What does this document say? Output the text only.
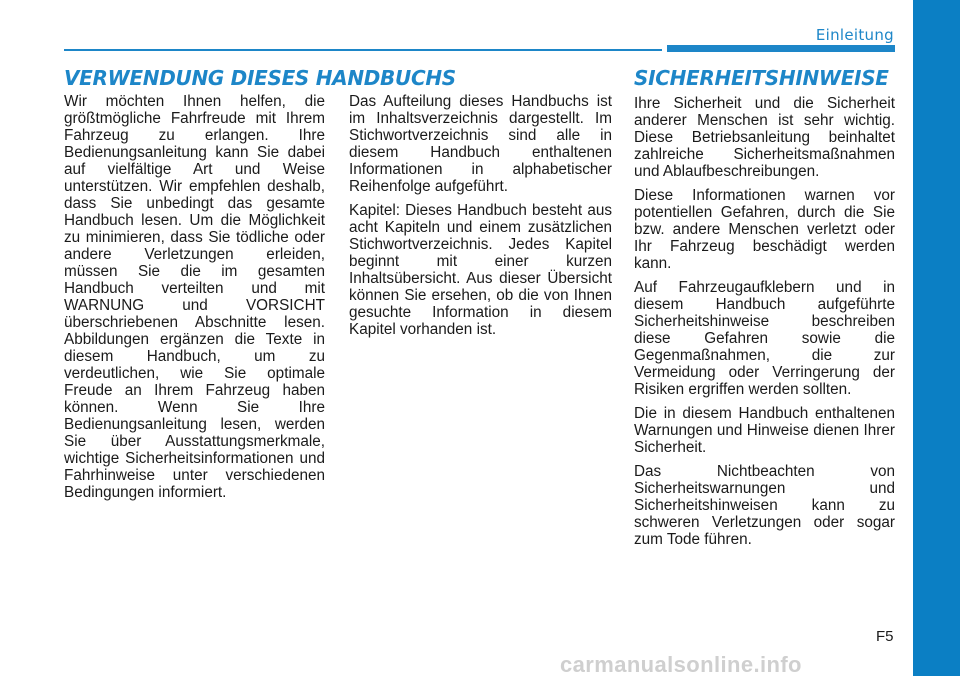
Einleitung
VERWENDUNG DIESES HANDBUCHS	SICHERHEITSHINWEISE

Wir möchten Ihnen helfen, die größtmögliche Fahrfreude mit Ihrem Fahrzeug zu erlangen. Ihre Bedienungsanleitung kann Sie dabei auf vielfältige Art und Weise unterstützen. Wir empfehlen deshalb, dass Sie unbedingt das gesamte Handbuch lesen. Um die Möglichkeit zu minimieren, dass Sie tödliche oder andere Verletzungen erleiden, müssen Sie die im gesamten Handbuch verteilten und mit WARNUNG und VORSICHT überschriebenen Abschnitte lesen. Abbildungen ergänzen die Texte in diesem Handbuch, um zu verdeutlichen, wie Sie optimale Freude an Ihrem Fahrzeug haben können. Wenn Sie Ihre Bedienungsanleitung lesen, werden Sie über Ausstattungsmerkmale, wichtige Sicherheitsinformationen und Fahrhinweise unter verschiedenen Bedingungen informiert.

Das Aufteilung dieses Handbuchs ist im Inhaltsverzeichnis dargestellt. Im Stichwortverzeichnis sind alle in diesem Handbuch enthaltenen Informationen in alphabetischer Reihenfolge aufgeführt.

Kapitel: Dieses Handbuch besteht aus acht Kapiteln und einem zusätzlichen Stichwortverzeichnis. Jedes Kapitel beginnt mit einer kurzen Inhaltsübersicht. Aus dieser Übersicht können Sie ersehen, ob die von Ihnen gesuchte Information in diesem Kapitel vorhanden ist.

Ihre Sicherheit und die Sicherheit anderer Menschen ist sehr wichtig. Diese Betriebsanleitung beinhaltet zahlreiche Sicherheitsmaßnahmen und Ablaufbeschreibungen.

Diese Informationen warnen vor potentiellen Gefahren, durch die Sie bzw. andere Menschen verletzt oder Ihr Fahrzeug beschädigt werden kann.

Auf Fahrzeugaufklebern und in diesem Handbuch aufgeführte Sicherheitshinweise beschreiben diese Gefahren sowie die Gegenmaßnahmen, die zur Vermeidung oder Verringerung der Risiken ergriffen werden sollten.

Die in diesem Handbuch enthaltenen Warnungen und Hinweise dienen Ihrer Sicherheit.

Das Nichtbeachten von Sicherheitswarnungen und Sicherheitshinweisen kann zu schweren Verletzungen oder sogar zum Tode führen.

F5
carmanualsonline.info
